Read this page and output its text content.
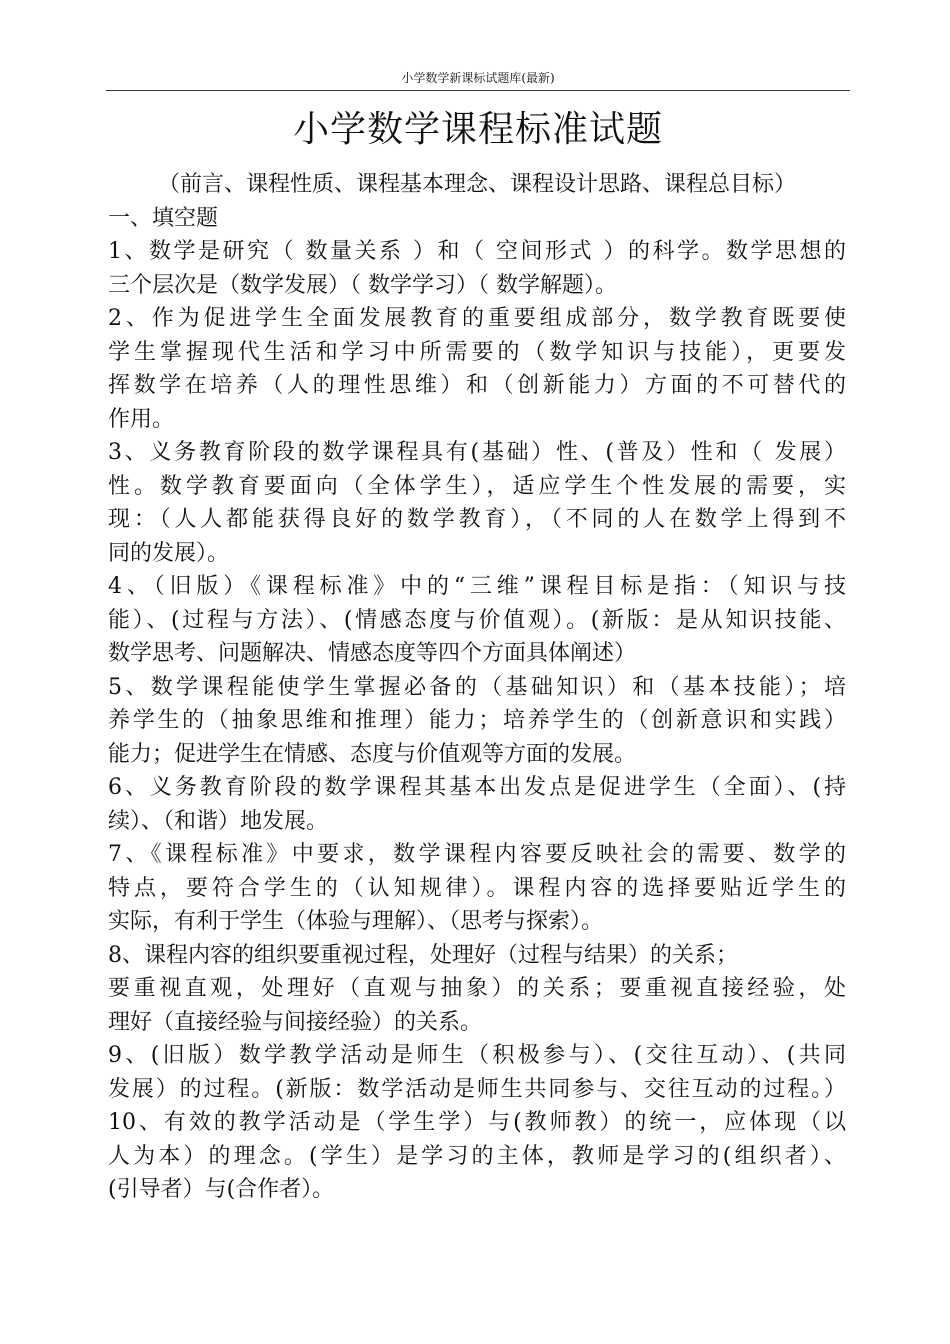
小学数学新课标试题库(最新)
小学数学课程标准试题
（前言、课程性质、课程基本理念、课程设计思路、课程总目标）
一、填空题
1、数学是研究（ 数量关系 ）和（ 空间形式 ）的科学。数学思想的
三个层次是（数学发展）（ 数学学习）（ 数学解题）。
2、作为促进学生全面发展教育的重要组成部分，数学教育既要使
学生掌握现代生活和学习中所需要的（数学知识与技能），更要发
挥数学在培养（人的理性思维）和（创新能力）方面的不可替代的
作用。
3、义务教育阶段的数学课程具有(基础）性、(普及）性和（ 发展）
性。数学教育要面向（全体学生），适应学生个性发展的需要，实
现：（人人都能获得良好的数学教育），（不同的人在数学上得到不
同的发展）。
4、（旧版）《课程标准》中的“三维”课程目标是指：（知识与技
能）、(过程与方法）、(情感态度与价值观）。(新版：是从知识技能、
数学思考、问题解决、情感态度等四个方面具体阐述）
5、数学课程能使学生掌握必备的（基础知识）和（基本技能）；培
养学生的（抽象思维和推理）能力；培养学生的（创新意识和实践）
能力；促进学生在情感、态度与价值观等方面的发展。
6、义务教育阶段的数学课程其基本出发点是促进学生（全面）、(持
续）、（和谐）地发展。
7、《课程标准》中要求，数学课程内容要反映社会的需要、数学的
特点，要符合学生的（认知规律）。课程内容的选择要贴近学生的
实际，有利于学生（体验与理解）、（思考与探索）。
8、课程内容的组织要重视过程，处理好（过程与结果）的关系；
要重视直观，处理好（直观与抽象）的关系；要重视直接经验，处
理好（直接经验与间接经验）的关系。
9、(旧版）数学教学活动是师生（积极参与）、(交往互动）、(共同
发展）的过程。(新版：数学活动是师生共同参与、交往互动的过程。）
10、有效的教学活动是（学生学）与(教师教）的统一，应体现（以
人为本）的理念。(学生）是学习的主体，教师是学习的(组织者）、
(引导者）与(合作者）。
